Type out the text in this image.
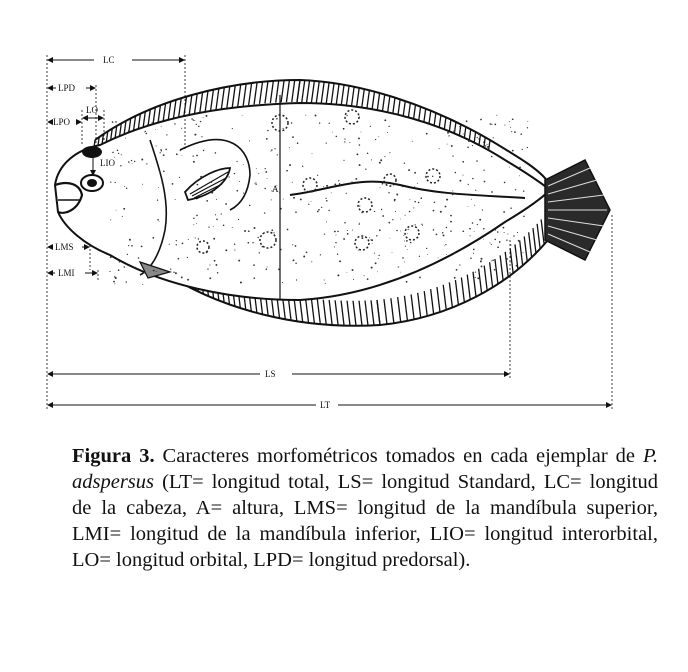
A
LC
LPD
LO
LPO
LIO
LMS
LMI
LS
LT
Figura 3. Caracteres morfométricos tomados en cada ejemplar de P. adspersus (LT= longitud total, LS= longitud Standard, LC= longitud de la cabeza, A= altura, LMS= longitud de la mandíbula superior, LMI= longitud de la mandíbula inferior, LIO= longitud interorbital, LO= longitud orbital, LPD= longitud predorsal).
